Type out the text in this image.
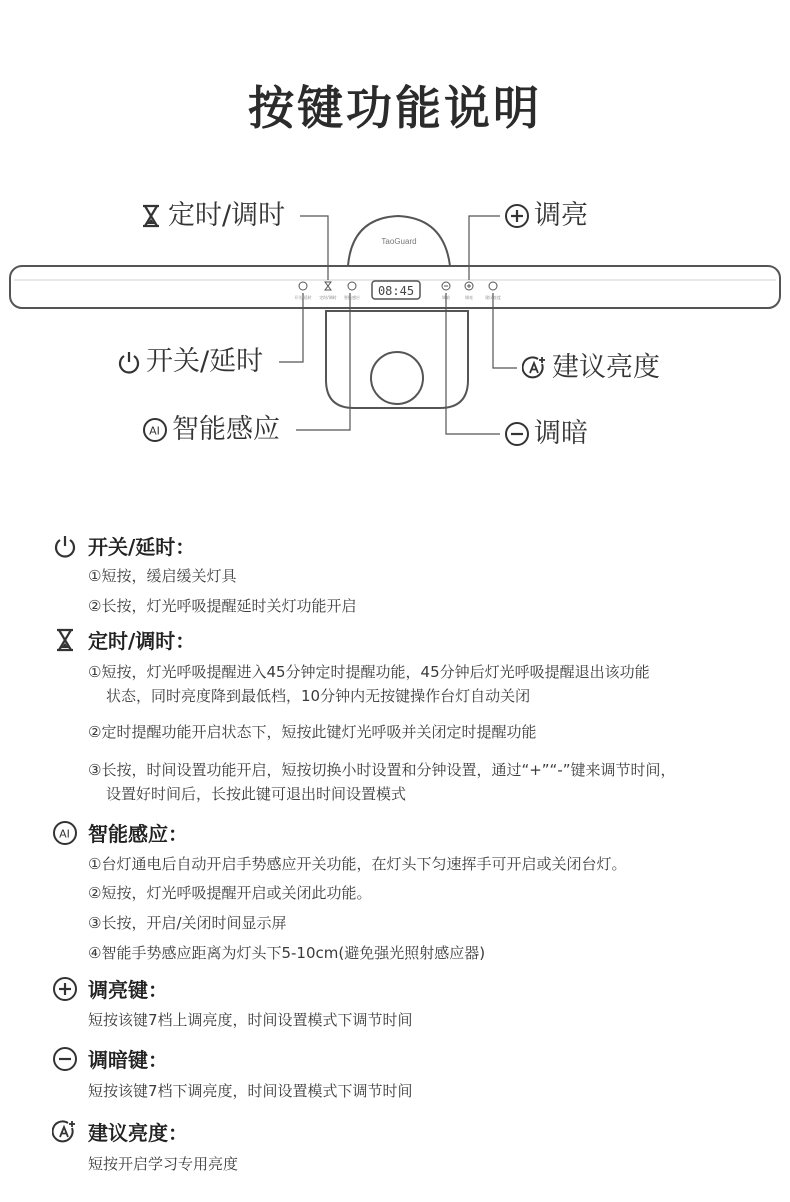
按键功能说明
TaoGuard
08:45
开关/延时 定时/调时 智能感应	调暗	调亮	建议亮度
定时/调时
开关/延时
AI 智能感应
调亮
建议亮度
调暗
开关/延时：
①短按，缓启缓关灯具
②长按，灯光呼吸提醒延时关灯功能开启
定时/调时：
①短按，灯光呼吸提醒进入45分钟定时提醒功能，45分钟后灯光呼吸提醒退出该功能
状态，同时亮度降到最低档，10分钟内无按键操作台灯自动关闭
②定时提醒功能开启状态下，短按此键灯光呼吸并关闭定时提醒功能
③长按，时间设置功能开启，短按切换小时设置和分钟设置，通过“+”“-”键来调节时间，
设置好时间后，长按此键可退出时间设置模式
AI 智能感应：
①台灯通电后自动开启手势感应开关功能，在灯头下匀速挥手可开启或关闭台灯。
②短按，灯光呼吸提醒开启或关闭此功能。
③长按，开启/关闭时间显示屏
④智能手势感应距离为灯头下5-10cm(避免强光照射感应器)
调亮键：
短按该键7档上调亮度，时间设置模式下调节时间
调暗键：
短按该键7档下调亮度，时间设置模式下调节时间
建议亮度：
短按开启学习专用亮度
